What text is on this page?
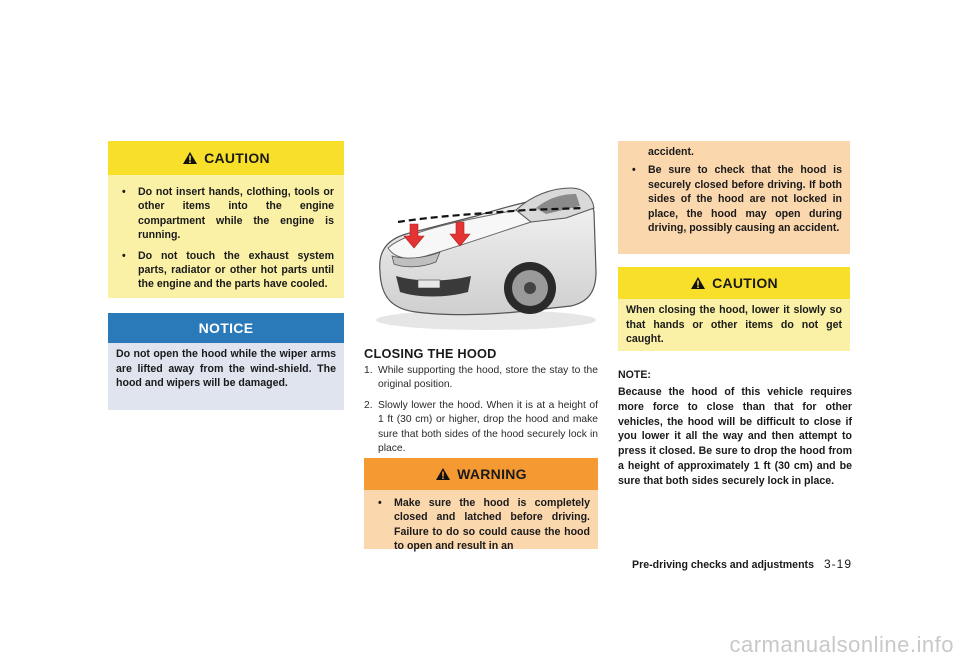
CAUTION
• Do not insert hands, clothing, tools or other items into the engine compartment while the engine is running.
• Do not touch the exhaust system parts, radiator or other hot parts until the engine and the parts have cooled.
NOTICE
Do not open the hood while the wiper arms are lifted away from the wind-shield. The hood and wipers will be damaged.
CLOSING THE HOOD
1. While supporting the hood, store the stay to the original position.
2. Slowly lower the hood. When it is at a height of 1 ft (30 cm) or higher, drop the hood and make sure that both sides of the hood securely lock in place.
WARNING
• Make sure the hood is completely closed and latched before driving. Failure to do so could cause the hood to open and result in an
accident.
• Be sure to check that the hood is securely closed before driving. If both sides of the hood are not locked in place, the hood may open during driving, possibly causing an accident.
CAUTION
When closing the hood, lower it slowly so that hands or other items do not get caught.
NOTE:
Because the hood of this vehicle requires more force to close than that for other vehicles, the hood will be difficult to close if you lower it all the way and then attempt to press it closed. Be sure to drop the hood from a height of approximately 1 ft (30 cm) and be sure that both sides securely lock in place.
Pre-driving checks and adjustments 3-19
carmanualsonline.info
